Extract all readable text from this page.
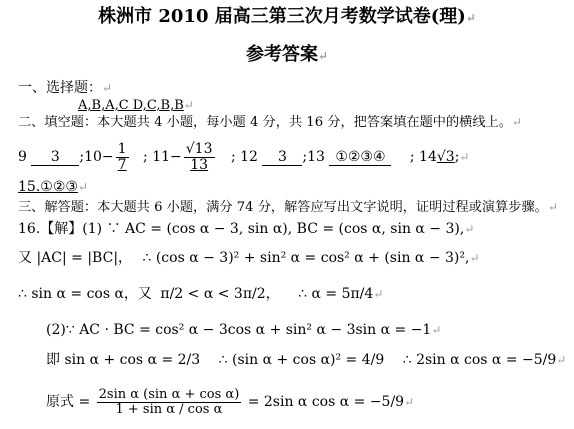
株洲市 2010 届高三第三次月考数学试卷(理)↵
参考答案↵
一、选择题：↵
A,B,A,C D,C,B,B↵
二、填空题：本大题共 4 小题，每小题 4 分，共 16 分，把答案填在题中的横线上。↵
9 3 ;10− $\frac{1}{7}$ ; $11- \frac{√13}{13}$ ; 12 3 ;13 ①②③④ ; 14√3;↵
15.①②③↵
三、解答题：本大题共 6 小题，满分 74 分，解答应写出文字说明，证明过程或演算步骤。↵
16.【解】(1) ∵ AC = (cos α − 3, sin α), BC = (cos α, sin α − 3),↵
又 |AC| = |BC|， ∴ (cos α − 3)² + sin² α = cos² α + (sin α − 3)²,↵
∴ sin α = cos α，又 π/2 < α < 3π/2， ∴ α = 5π/4↵
(2)∵ AC · BC = cos² α − 3cos α + sin² α − 3sin α = −1↵
即 sin α + cos α = 2/3 ∴ (sin α + cos α)² = 4/9 ∴ 2sin α cos α = −5/9↵
原式 = $\frac{\text{2sin α (sin α + cos α)}}{\text{1 + sin α / cos α}} = 2\sin$ α cos α = −5/9↵
